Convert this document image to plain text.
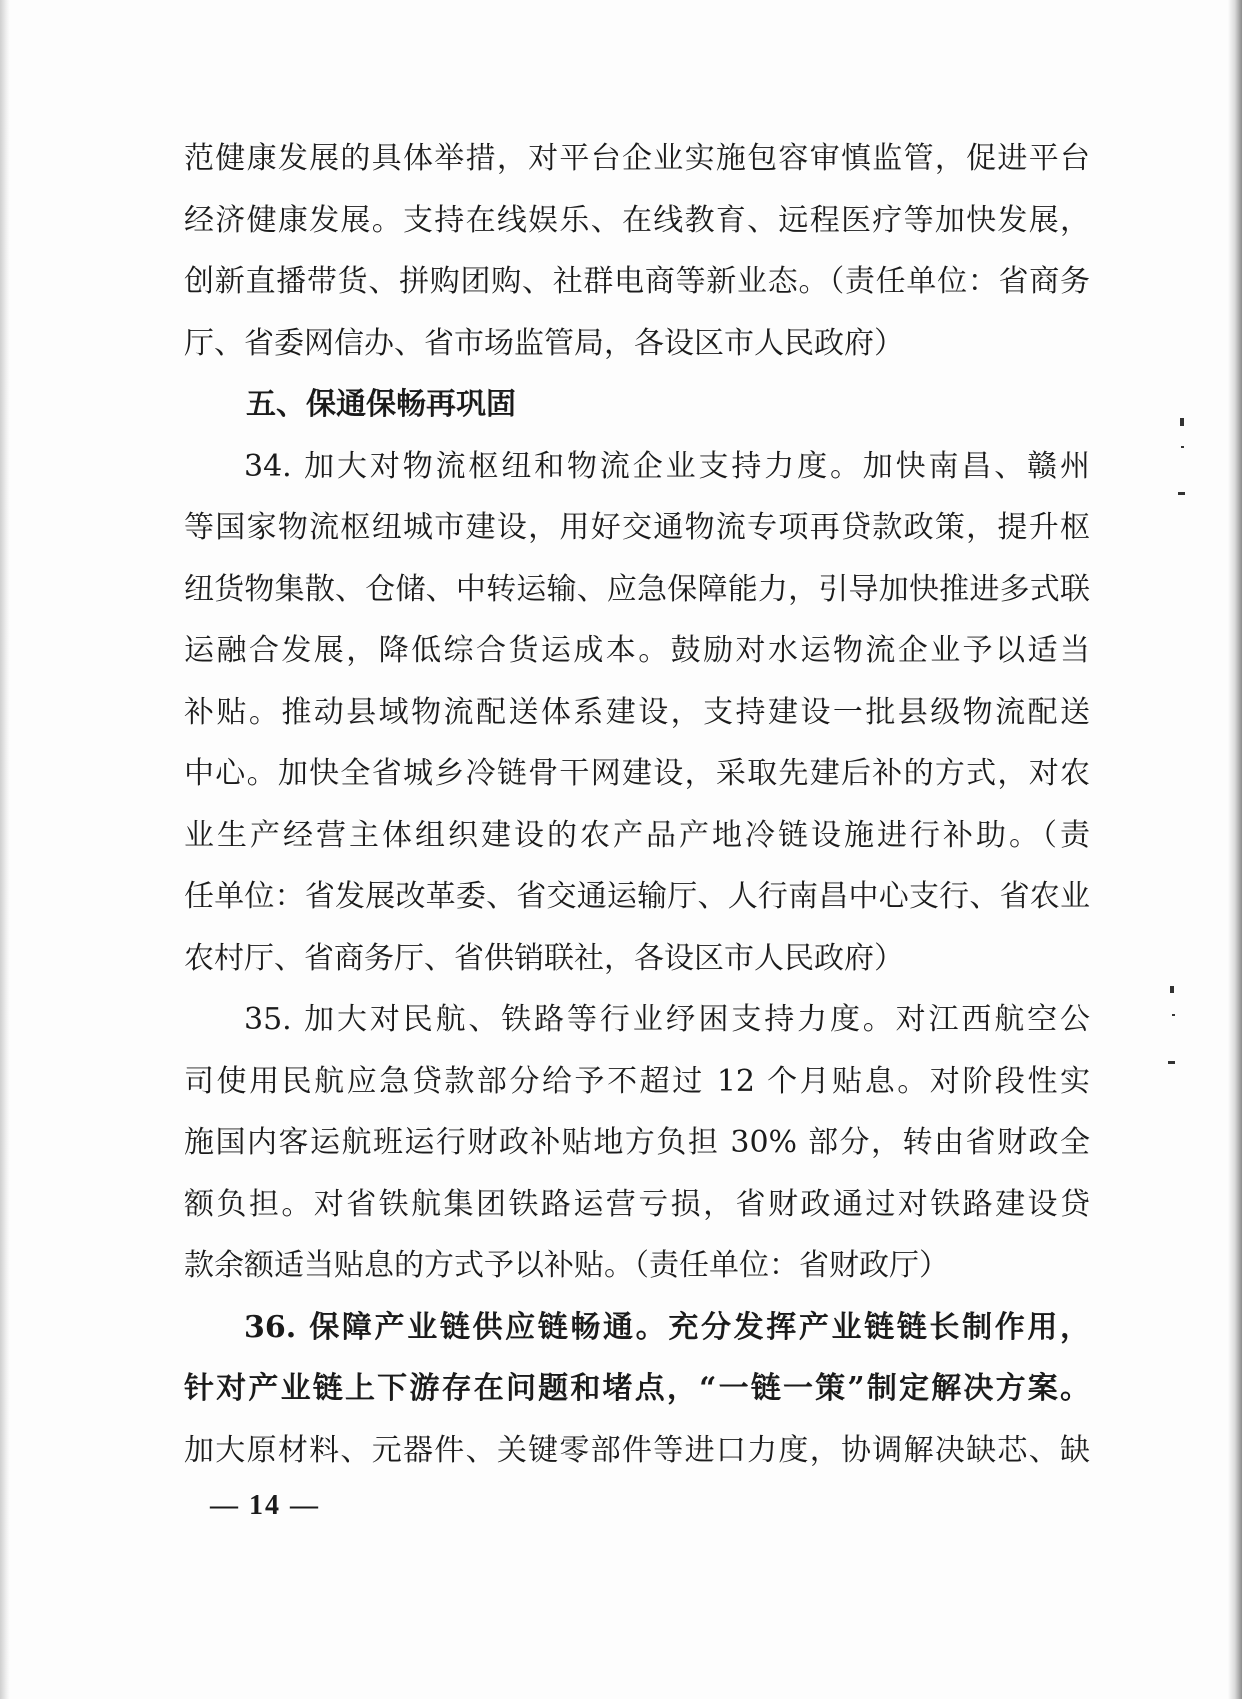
范健康发展的具体举措，对平台企业实施包容审慎监管，促进平台
经济健康发展。支持在线娱乐、在线教育、远程医疗等加快发展，
创新直播带货、拼购团购、社群电商等新业态。（责任单位：省商务
厅、省委网信办、省市场监管局，各设区市人民政府）
五、保通保畅再巩固
34. 加大对物流枢纽和物流企业支持力度。加快南昌、赣州
等国家物流枢纽城市建设，用好交通物流专项再贷款政策，提升枢
纽货物集散、仓储、中转运输、应急保障能力，引导加快推进多式联
运融合发展，降低综合货运成本。鼓励对水运物流企业予以适当
补贴。推动县域物流配送体系建设，支持建设一批县级物流配送
中心。加快全省城乡冷链骨干网建设，采取先建后补的方式，对农
业生产经营主体组织建设的农产品产地冷链设施进行补助。（责
任单位：省发展改革委、省交通运输厅、人行南昌中心支行、省农业
农村厅、省商务厅、省供销联社，各设区市人民政府）
35. 加大对民航、铁路等行业纾困支持力度。对江西航空公
司使用民航应急贷款部分给予不超过 12 个月贴息。对阶段性实
施国内客运航班运行财政补贴地方负担 30% 部分，转由省财政全
额负担。对省铁航集团铁路运营亏损，省财政通过对铁路建设贷
款余额适当贴息的方式予以补贴。（责任单位：省财政厅）
36. 保障产业链供应链畅通。充分发挥产业链链长制作用，
针对产业链上下游存在问题和堵点，“一链一策”制定解决方案。
加大原材料、元器件、关键零部件等进口力度，协调解决缺芯、缺
— 14 —
